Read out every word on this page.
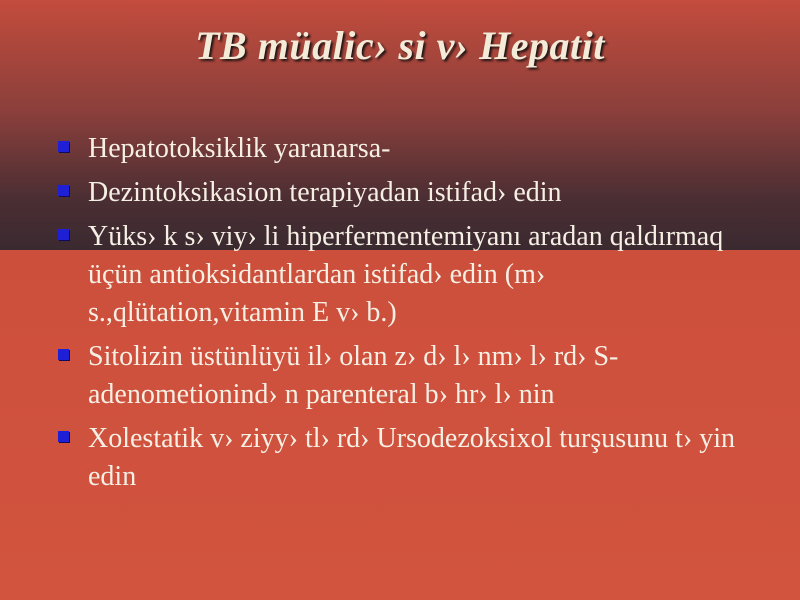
TB müalic› si v› Hepatit
Hepatotoksiklik yaranarsa-
Dezintoksikasion terapiyadan istifad› edin
Yüks› k s› viy› li hiperfermentemiyanı aradan qaldırmaq üçün antioksidantlardan istifad› edin (m› s.,qlütation,vitamin E v› b.)
Sitolizin üstünlüyü il› olan z› d› l› nm› l› rd› S-adenometionind› n parenteral b› hr› l› nin
Xolestatik v› ziyy› tl› rd› Ursodezoksixol turşusunu t› yin edin
